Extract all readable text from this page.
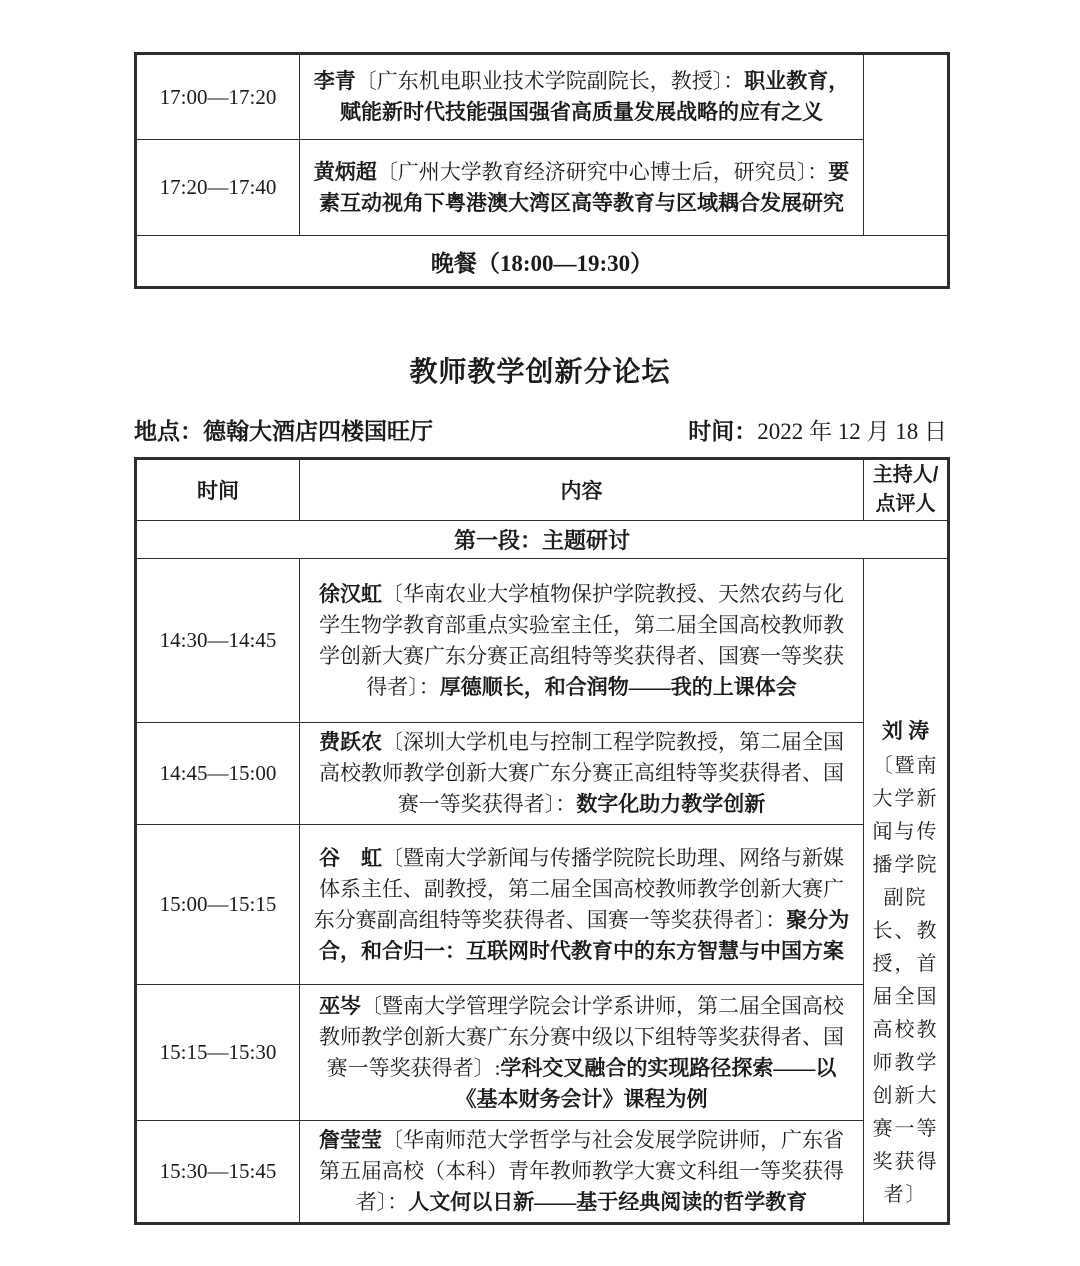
17:00—17:20	李青〔广东机电职业技术学院副院长，教授〕：职业教育，赋能新时代技能强国强省高质量发展战略的应有之义	
17:20—17:40	黄炳超〔广州大学教育经济研究中心博士后，研究员〕：要素互动视角下粤港澳大湾区高等教育与区域耦合发展研究	
晚餐（18:00—19:30）		
教师教学创新分论坛
地点：德翰大酒店四楼国旺厅	时间：2022 年 12 月 18 日
时间	内容	主持人/
点评人

第一段：主题研讨		
14:30—14:45	徐汉虹〔华南农业大学植物保护学院教授、天然农药与化学生物学教育部重点实验室主任，第二届全国高校教师教学创新大赛广东分赛正高组特等奖获得者、国赛一等奖获得者〕：厚德顺长，和合润物——我的上课体会	刘 涛
〔暨南大学新闻与传播学院副院长、教授，首届全国高校教师教学创新大赛一等奖获得者〕

14:45—15:00	费跃农〔深圳大学机电与控制工程学院教授，第二届全国高校教师教学创新大赛广东分赛正高组特等奖获得者、国赛一等奖获得者〕：数字化助力教学创新	
15:00—15:15	谷　虹〔暨南大学新闻与传播学院院长助理、网络与新媒体系主任、副教授，第二届全国高校教师教学创新大赛广东分赛副高组特等奖获得者、国赛一等奖获得者〕：聚分为合，和合归一：互联网时代教育中的东方智慧与中国方案	
15:15—15:30	巫岑〔暨南大学管理学院会计学系讲师，第二届全国高校教师教学创新大赛广东分赛中级以下组特等奖获得者、国赛一等奖获得者〕:学科交叉融合的实现路径探索——以《基本财务会计》课程为例	
15:30—15:45	詹莹莹〔华南师范大学哲学与社会发展学院讲师，广东省第五届高校（本科）青年教师教学大赛文科组一等奖获得者〕：人文何以日新——基于经典阅读的哲学教育	
